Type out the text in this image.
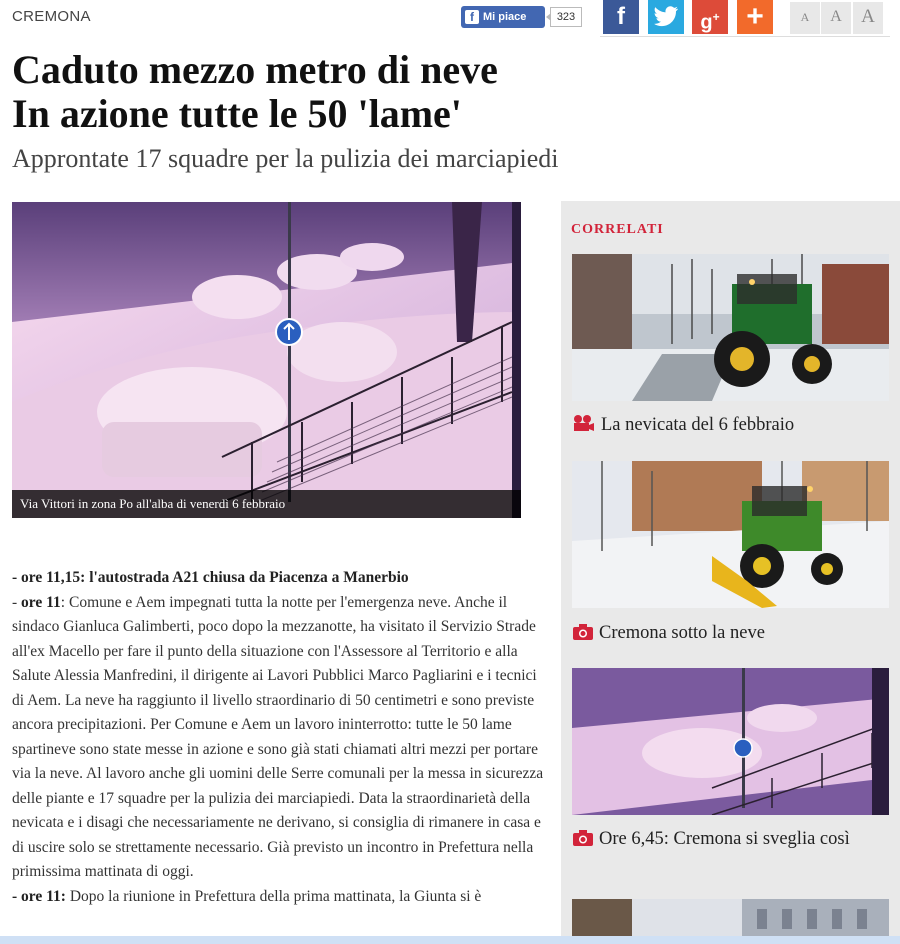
CREMONA	f Mi piace	323	f	g+ +	A	A	A
Caduto mezzo metro di neve
In azione tutte le 50 'lame'
Approntate 17 squadre per la pulizia dei marciapiedi
Via Vittori in zona Po all'alba di venerdì 6 febbraio

- ore 11,15: l'autostrada A21 chiusa da Piacenza a Manerbio

- ore 11: Comune e Aem impegnati tutta la notte per l'emergenza neve. Anche il sindaco Gianluca Galimberti, poco dopo la mezzanotte, ha visitato il Servizio Strade all'ex Macello per fare il punto della situazione con l'Assessore al Territorio e alla Salute Alessia Manfredini, il dirigente ai Lavori Pubblici Marco Pagliarini e i tecnici di Aem. La neve ha raggiunto il livello straordinario di 50 centimetri e sono previste ancora precipitazioni. Per Comune e Aem un lavoro ininterrotto: tutte le 50 lame spartineve sono state messe in azione e sono già stati chiamati altri mezzi per portare via la neve. Al lavoro anche gli uomini delle Serre comunali per la messa in sicurezza delle piante e 17 squadre per la pulizia dei marciapiedi. Data la straordinarietà della nevicata e i disagi che necessariamente ne derivano, si consiglia di rimanere in casa e di uscire solo se strettamente necessario. Già previsto un incontro in Prefettura nella primissima mattinata di oggi.

- ore 11: Dopo la riunione in Prefettura della prima mattinata, la Giunta si è

CORRELATI
La nevicata del 6 febbraio
Cremona sotto la neve
Ore 6,45: Cremona si sveglia così
